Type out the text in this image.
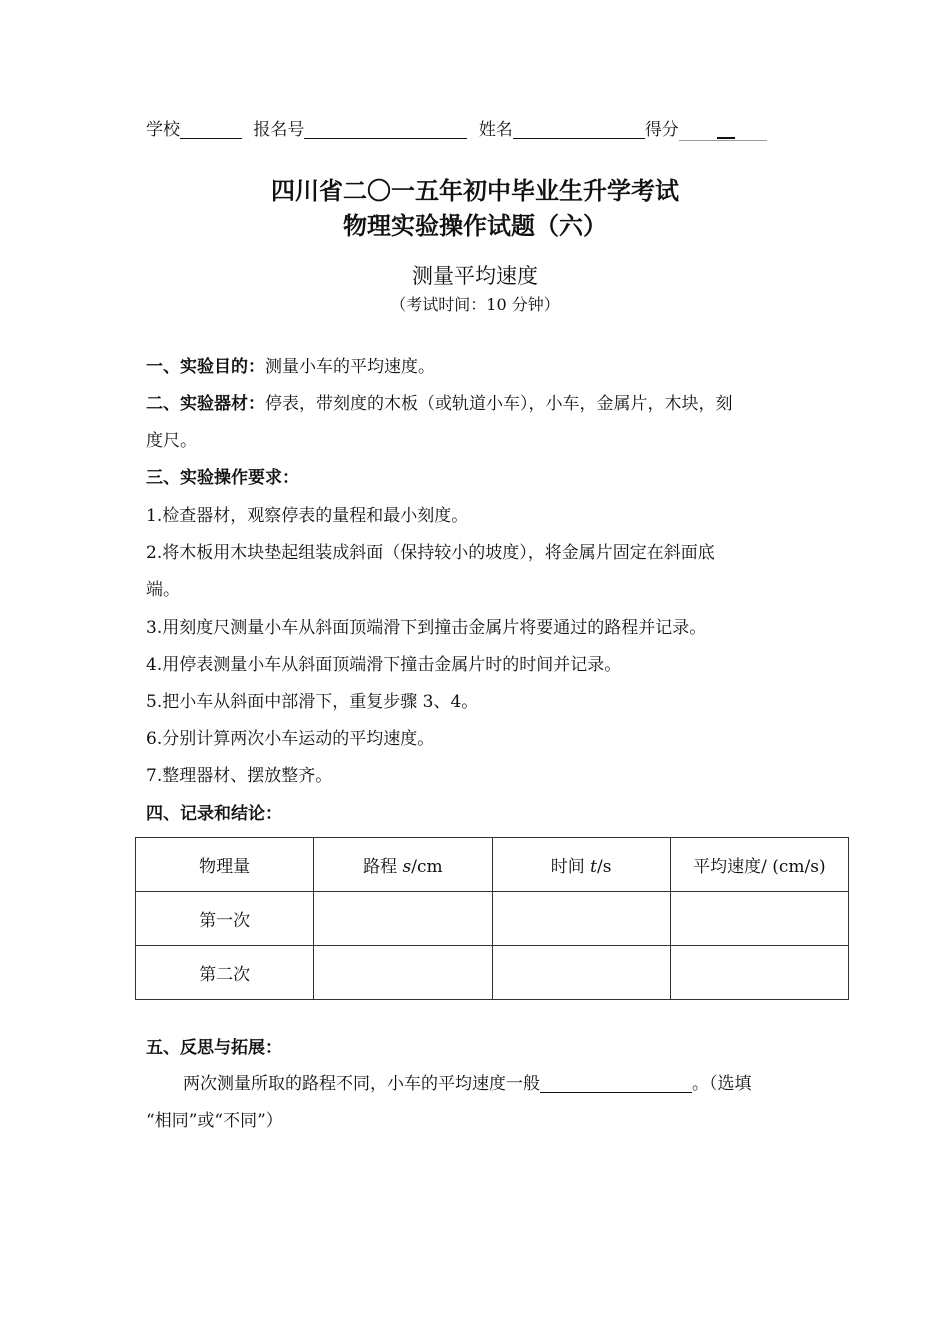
学校	报名号	姓名	得分
四川省二〇一五年初中毕业生升学考试
物理实验操作试题（六）
测量平均速度
（考试时间：10 分钟）
一、实验目的：测量小车的平均速度。
二、实验器材：停表，带刻度的木板（或轨道小车），小车，金属片，木块，刻
度尺。
三、实验操作要求：
1.检查器材，观察停表的量程和最小刻度。
2.将木板用木块垫起组装成斜面（保持较小的坡度），将金属片固定在斜面底
端。
3.用刻度尺测量小车从斜面顶端滑下到撞击金属片将要通过的路程并记录。
4.用停表测量小车从斜面顶端滑下撞击金属片时的时间并记录。
5.把小车从斜面中部滑下，重复步骤 3、4。
6.分别计算两次小车运动的平均速度。
7.整理器材、摆放整齐。
四、记录和结论：
物理量	路程 s/cm	时间 t/s	平均速度/ (cm/s)
第一次			
第二次			
五、反思与拓展：
两次测量所取的路程不同，小车的平均速度一般	。（选填
“相同”或“不同”）
